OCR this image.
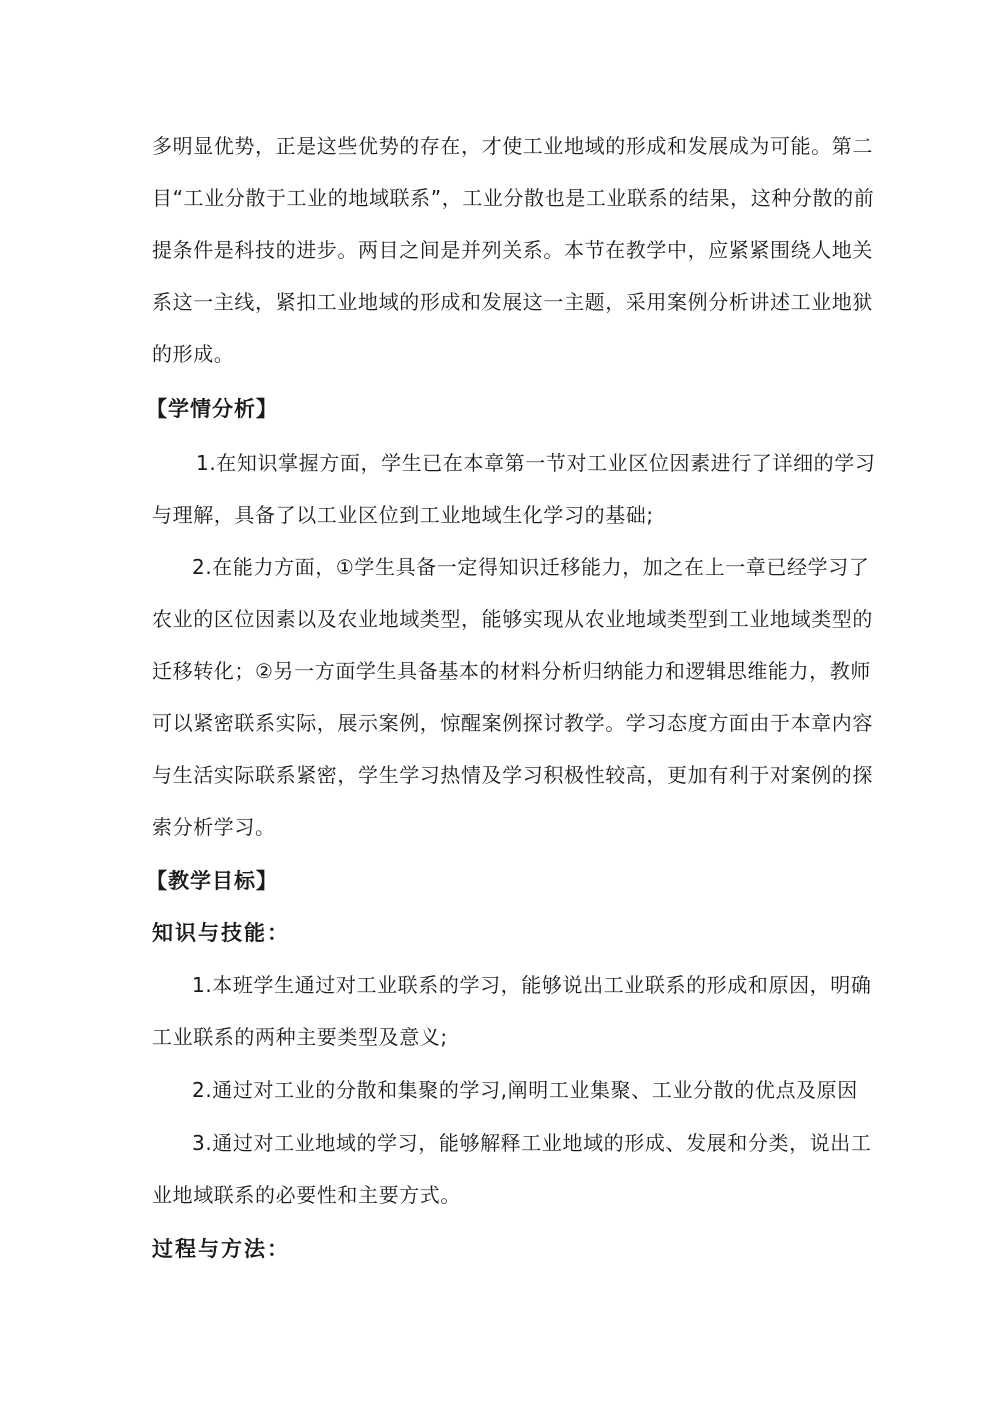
多明显优势，正是这些优势的存在，才使工业地域的形成和发展成为可能。第二
目“工业分散于工业的地域联系”，工业分散也是工业联系的结果，这种分散的前
提条件是科技的进步。两目之间是并列关系。本节在教学中，应紧紧围绕人地关
系这一主线，紧扣工业地域的形成和发展这一主题，采用案例分析讲述工业地狱
的形成。
【学情分析】
1.在知识掌握方面，学生已在本章第一节对工业区位因素进行了详细的学习
与理解，具备了以工业区位到工业地域生化学习的基础;
2.在能力方面，①学生具备一定得知识迁移能力，加之在上一章已经学习了
农业的区位因素以及农业地域类型，能够实现从农业地域类型到工业地域类型的
迁移转化；②另一方面学生具备基本的材料分析归纳能力和逻辑思维能力，教师
可以紧密联系实际，展示案例，惊醒案例探讨教学。学习态度方面由于本章内容
与生活实际联系紧密，学生学习热情及学习积极性较高，更加有利于对案例的探
索分析学习。
【教学目标】
知识与技能：
1.本班学生通过对工业联系的学习，能够说出工业联系的形成和原因，明确
工业联系的两种主要类型及意义;
2.通过对工业的分散和集聚的学习,阐明工业集聚、工业分散的优点及原因
3.通过对工业地域的学习，能够解释工业地域的形成、发展和分类，说出工
业地域联系的必要性和主要方式。
过程与方法：
